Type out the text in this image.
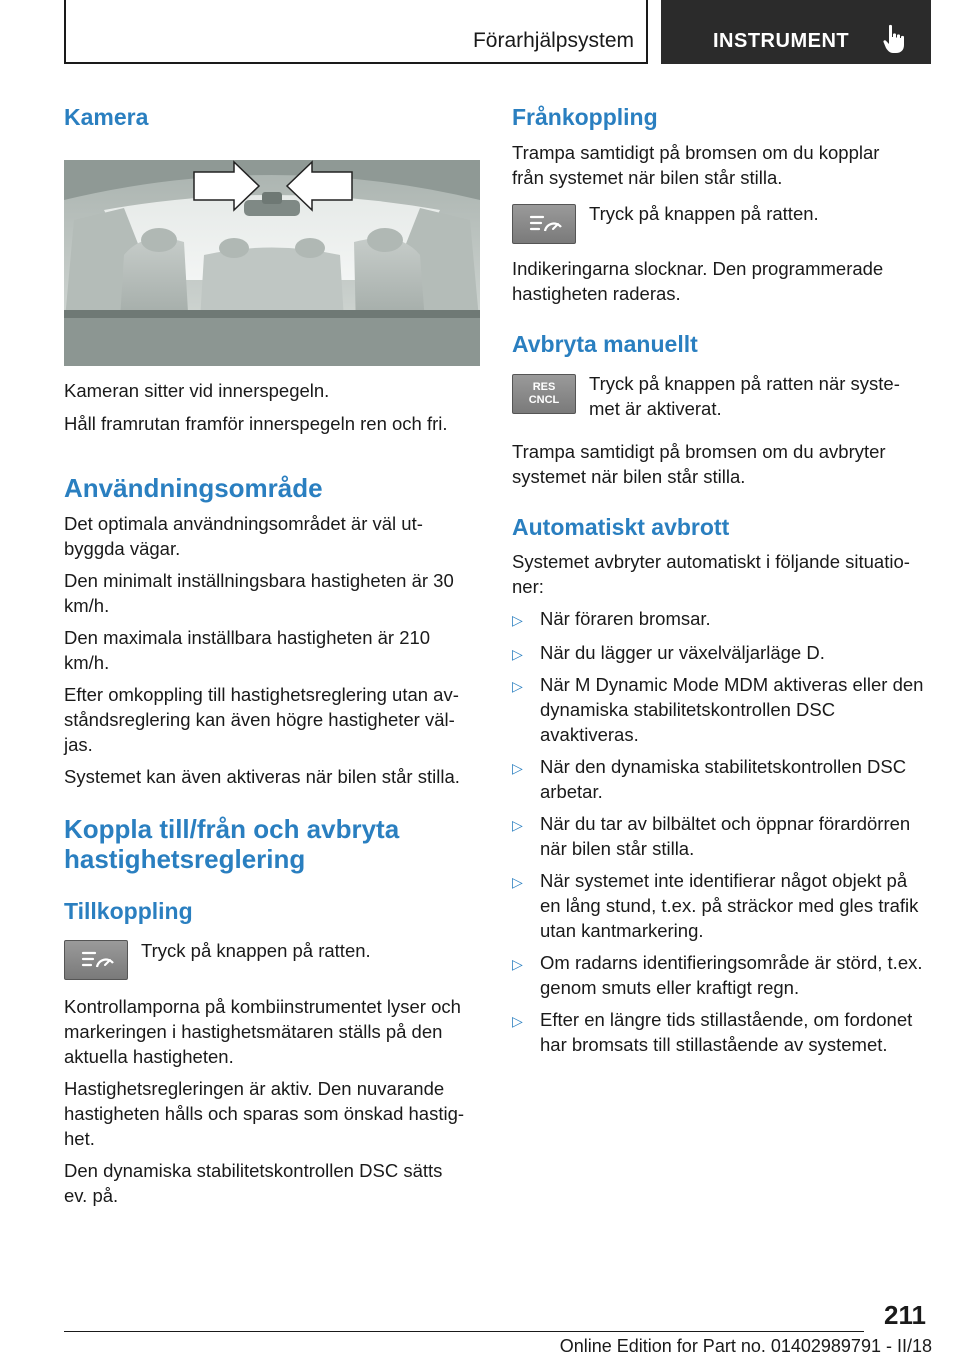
Förarhjälpsystem	INSTRUMENT
Kamera

Kameran sitter vid innerspegeln.

Håll framrutan framför innerspegeln ren och fri.

Användningsområde

Det optimala användningsområdet är väl ut- byggda vägar.

Den minimalt inställningsbara hastigheten är 30 km/h.

Den maximala inställbara hastigheten är 210 km/h.

Efter omkoppling till hastighetsreglering utan av- ståndsreglering kan även högre hastigheter väl- jas.

Systemet kan även aktiveras när bilen står stilla.

Koppla till/från och avbryta hastighetsreglering
Tillkoppling

Tryck på knappen på ratten.

Kontrollamporna på kombiinstrumentet lyser och markeringen i hastighetsmätaren ställs på den aktuella hastigheten.

Hastighetsregleringen är aktiv. Den nuvarande hastigheten hålls och sparas som önskad hastig- het.

Den dynamiska stabilitetskontrollen DSC sätts ev. på.

Frånkoppling

Trampa samtidigt på bromsen om du kopplar från systemet när bilen står stilla.

Tryck på knappen på ratten.

Indikeringarna slocknar. Den programmerade hastigheten raderas.

Avbryta manuellt
RES
CNCL

Tryck på knappen på ratten när syste- met är aktiverat.

Trampa samtidigt på bromsen om du avbryter systemet när bilen står stilla.

Automatiskt avbrott

Systemet avbryter automatiskt i följande situatio- ner:

▷ När föraren bromsar.
▷ När du lägger ur växelväljarläge D.
▷ När M Dynamic Mode MDM aktiveras eller den dynamiska stabilitetskontrollen DSC avaktiveras.
▷ När den dynamiska stabilitetskontrollen DSC arbetar.
▷ När du tar av bilbältet och öppnar förardörren när bilen står stilla.
▷ När systemet inte identifierar något objekt på en lång stund, t.ex. på sträckor med gles trafik utan kantmarkering.
▷ Om radarns identifieringsområde är störd, t.ex. genom smuts eller kraftigt regn.
▷ Efter en längre tids stillastående, om fordonet har bromsats till stillastående av systemet.
211
Online Edition for Part no. 01402989791 - II/18
